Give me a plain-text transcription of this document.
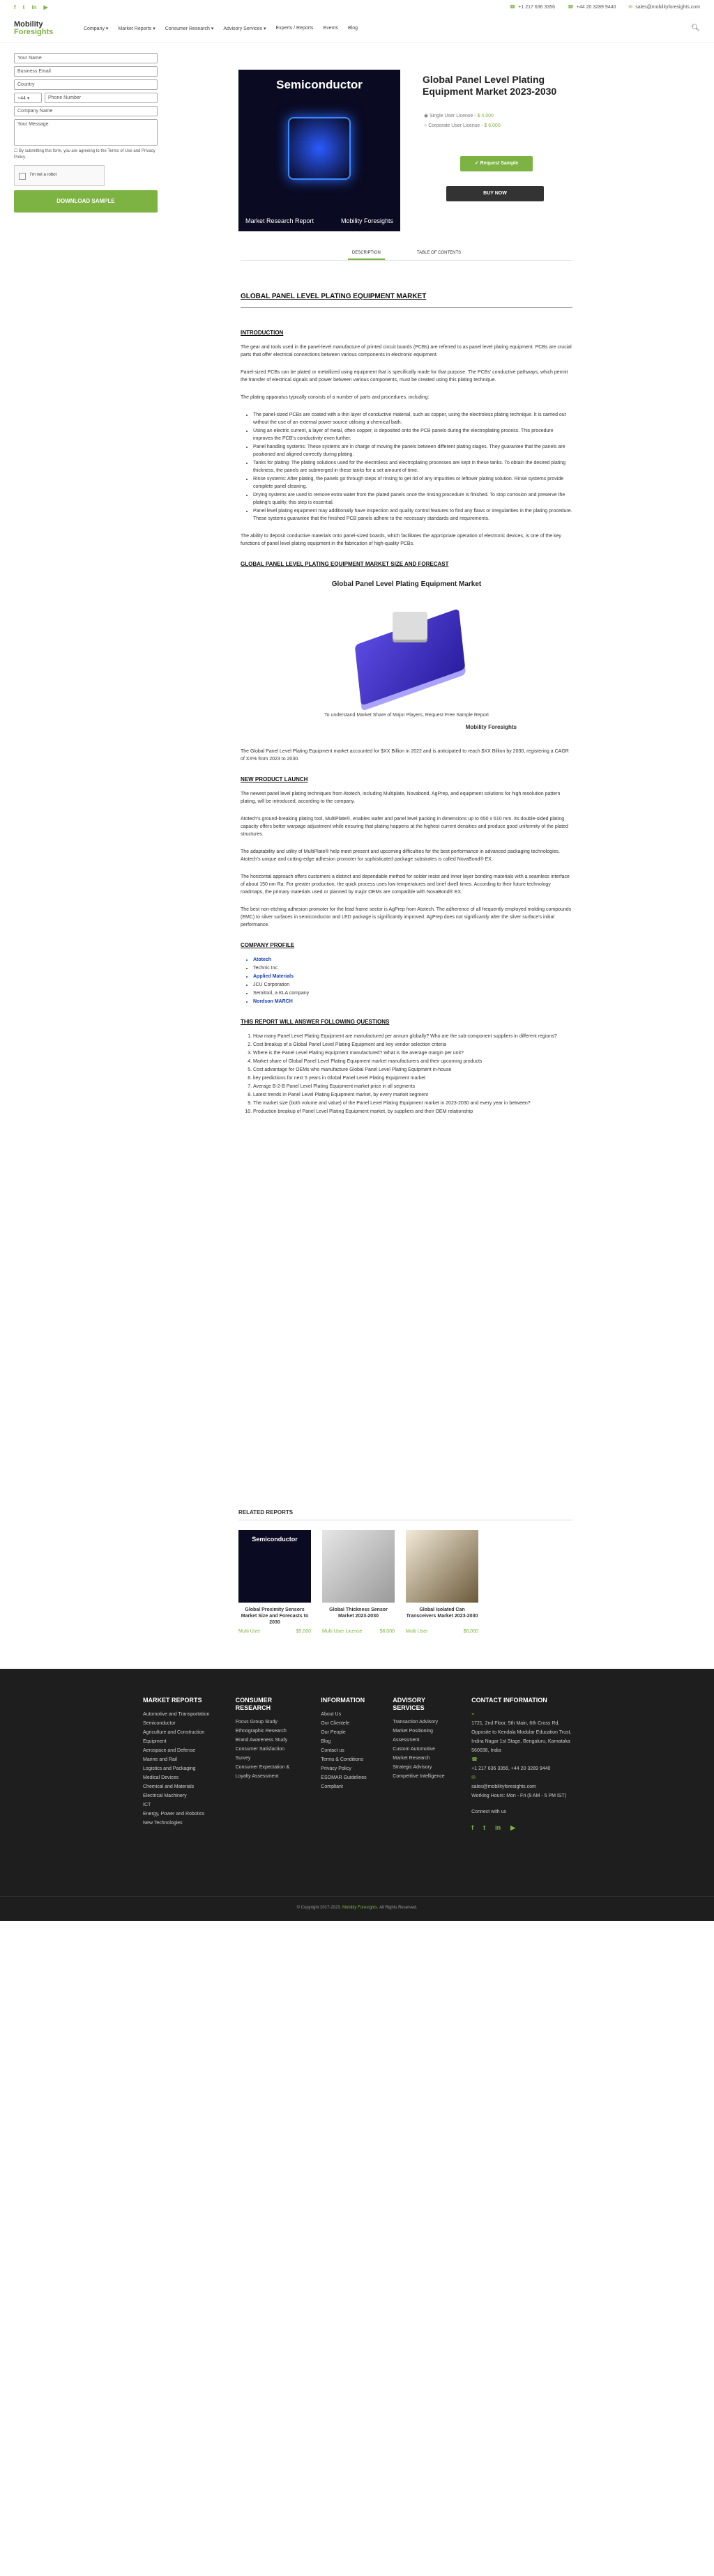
f t in ▶	☎ +1 217 636 3356	☎ +44 20 3289 9440	✉ sales@mobilityforesights.com
Mobility
Foresights	Company ▾ Market Reports ▾ Consumer Research ▾ Advisory Services ▾ Experts / Reports Events Blog	🔍︎
Your Name
Business Email
Country
+44 ▾	Phone Number
Company Name
Your Message
☐ By submitting this form, you are agreeing to the Terms of Use and Privacy Policy.
I'm not a robot
DOWNLOAD SAMPLE
Semiconductor
Market Research Report	Mobility Foresights
Global Panel Level Plating Equipment Market 2023-2030
◉ Single User License - $ 4,000
○ Corporate User License - $ 6,000
✓ Request Sample
BUY NOW
DESCRIPTION	TABLE OF CONTENTS
GLOBAL PANEL LEVEL PLATING EQUIPMENT MARKET
INTRODUCTION

The gear and tools used in the panel-level manufacture of printed circuit boards (PCBs) are referred to as panel level plating equipment. PCBs are crucial parts that offer electrical connections between various components in electronic equipment.

Panel-sized PCBs can be plated or metallized using equipment that is specifically made for that purpose. The PCBs' conductive pathways, which permit the transfer of electrical signals and power between various components, must be created using this plating technique.

The plating apparatus typically consists of a number of parts and procedures, including:

• The panel-sized PCBs are coated with a thin layer of conductive material, such as copper, using the electroless plating technique. It is carried out without the use of an external power source utilising a chemical bath.
• Using an electric current, a layer of metal, often copper, is deposited onto the PCB panels during the electroplating process. This procedure improves the PCB's conductivity even further.
• Panel handling systems: These systems are in charge of moving the panels between different plating stages. They guarantee that the panels are positioned and aligned correctly during plating.
• Tanks for plating: The plating solutions used for the electroless and electroplating processes are kept in these tanks. To obtain the desired plating thickness, the panels are submerged in these tanks for a set amount of time.
• Rinse systems: After plating, the panels go through steps of rinsing to get rid of any impurities or leftover plating solution. Rinse systems provide complete panel cleaning.
• Drying systems are used to remove extra water from the plated panels once the rinsing procedure is finished. To stop corrosion and preserve the plating's quality, this step is essential.
• Panel level plating equipment may additionally have inspection and quality control features to find any flaws or irregularities in the plating procedure. These systems guarantee that the finished PCB panels adhere to the necessary standards and requirements.

The ability to deposit conductive materials onto panel-sized boards, which facilitates the appropriate operation of electronic devices, is one of the key functions of panel level plating equipment in the fabrication of high-quality PCBs.

GLOBAL PANEL LEVEL PLATING EQUIPMENT MARKET SIZE AND FORECAST
Global Panel Level Plating Equipment Market
To understand Market Share of Major Players, Request Free Sample Report
Mobility Foresights

The Global Panel Level Plating Equipment market accounted for $XX Billion in 2022 and is anticipated to reach $XX Billion by 2030, registering a CAGR of XX% from 2023 to 2030.

NEW PRODUCT LAUNCH

The newest panel level plating techniques from Atotech, including Multiplate, Novabond, AgPrep, and equipment solutions for high resolution pattern plating, will be introduced, according to the company.

Atotech's ground-breaking plating tool, MultiPlate®, enables wafer and panel level packing in dimensions up to 650 x 610 mm. Its double-sided plating capacity offers better warpage adjustment while ensuring that plating happens at the highest current densities and produce good uniformity of the plated structures.

The adaptability and utility of MultiPlate® help meet present and upcoming difficulties for the best performance in advanced packaging technologies. Atotech's unique and cutting-edge adhesion promoter for sophisticated package substrates is called NovaBond® EX.

The horizontal approach offers customers a distinct and dependable method for solder resist and inner layer bonding materials with a seamless interface of about 150 nm Ra. For greater production, the quick process uses low temperatures and brief dwell times. According to their future technology roadmaps, the primary materials used or planned by major OEMs are compatible with NovaBond® EX.

The best non-etching adhesion promoter for the lead frame sector is AgPrep from Atotech. The adherence of all frequently employed molding compounds (EMC) to silver surfaces in semiconductor and LED package is significantly improved. AgPrep does not significantly alter the silver surface's initial performance.

COMPANY PROFILE
• Atotech
• Technic Inc.
• Applied Materials
• JCU Corporation
• Semitool, a KLA company
• Nordson MARCH
THIS REPORT WILL ANSWER FOLLOWING QUESTIONS
1. How many Panel Level Plating Equipment are manufactured per annum globally? Who are the sub-component suppliers in different regions?
2. Cost breakup of a Global Panel Level Plating Equipment and key vendor selection criteria
3. Where is the Panel Level Plating Equipment manufactured? What is the average margin per unit?
4. Market share of Global Panel Level Plating Equipment market manufacturers and their upcoming products
5. Cost advantage for OEMs who manufacture Global Panel Level Plating Equipment in-house
6. key predictions for next 5 years in Global Panel Level Plating Equipment market
7. Average B-2-B Panel Level Plating Equipment market price in all segments
8. Latest trends in Panel Level Plating Equipment market, by every market segment
9. The market size (both volume and value) of the Panel Level Plating Equipment market in 2023-2030 and every year in between?
10. Production breakup of Panel Level Plating Equipment market, by suppliers and their OEM relationship
RELATED REPORTS
Semiconductor
Global Proximity Sensors Market Size and Forecasts to 2030
Multi User	$5,000
Global Thickness Sensor Market 2023-2030
Multi User License	$6,000
Global Isolated Can Transceivers Market 2023-2030
Multi User	$6,000
MARKET REPORTS
Automotive and Transportation
Semiconductor
Agriculture and Construction Equipment
Aerospace and Defense
Marine and Rail
Logistics and Packaging
Medical Devices
Chemical and Materials
Electrical Machinery
ICT
Energy, Power and Robotics
New Technologies
CONSUMER RESEARCH
Focus Group Study
Ethnographic Research
Brand Awareness Study
Consumer Satisfaction Survey
Consumer Expectation & Loyalty Assessment
INFORMATION
About Us
Our Clientele
Our People
Blog
Contact us
Terms & Conditions
Privacy Policy
ESOMAR Guidelines Compliant
ADVISORY SERVICES
Transaction Advisory
Market Positioning Assessment
Custom Automotive Market Research
Strategic Advisory
Competitive Intelligence
CONTACT INFORMATION
⌖
1721, 2nd Floor, 5th Main, 6th Cross Rd, Opposite to Kendala Modular Education Trust, Indira Nagar 1st Stage, Bengaluru, Karnataka 560038, India
☎
+1 217 636 3356, +44 20 3289 9440
✉
sales@mobilityforesights.com
Working Hours: Mon - Fri (9 AM - 5 PM IST)
Connect with us
f t in ▶
© Copyright 2017-2023. Mobility Foresights. All Rights Reserved.
